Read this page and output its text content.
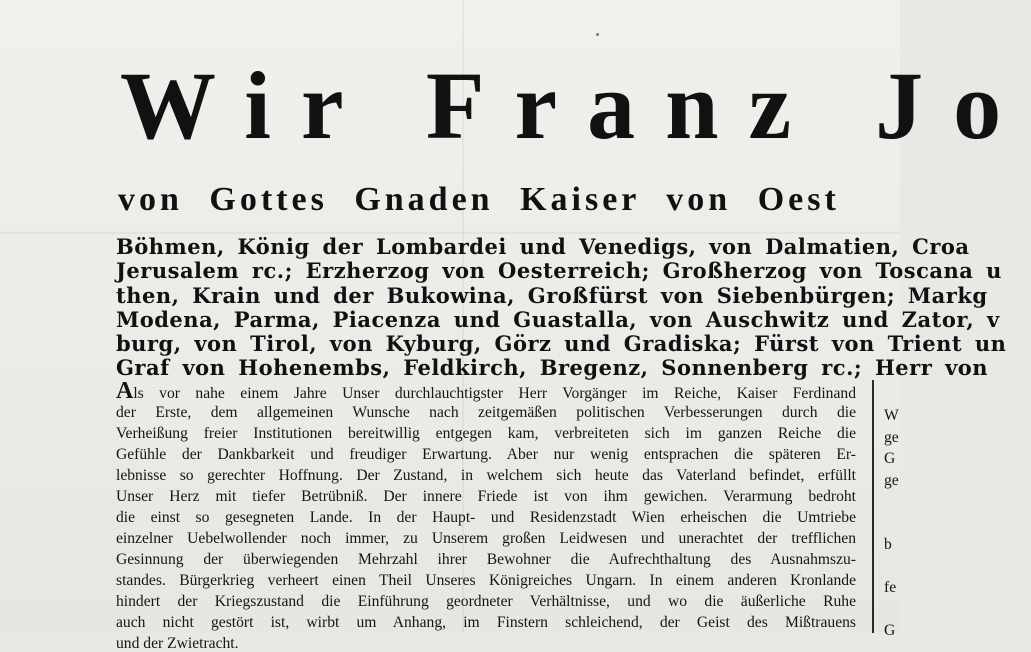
Wir Franz Jo
von Gottes Gnaden Kaiser von Oest
Böhmen, König der Lombardei und Venedigs, von Dalmatien, Croa
Jerusalem rc.; Erzherzog von Oesterreich; Großherzog von Toscana u
then, Krain und der Bukowina, Großfürst von Siebenbürgen; Markg
Modena, Parma, Piacenza und Guastalla, von Auschwitz und Zator, v
burg, von Tirol, von Kyburg, Görz und Gradiska; Fürst von Trient un
Graf von Hohenembs, Feldkirch, Bregenz, Sonnenberg rc.; Herr von
Als vor nahe einem Jahre Unser durchlauchtigster Herr Vorgänger im Reiche, Kaiser Ferdinand
der Erste, dem allgemeinen Wunsche nach zeitgemäßen politischen Verbesserungen durch die
Verheißung freier Institutionen bereitwillig entgegen kam, verbreiteten sich im ganzen Reiche die
Gefühle der Dankbarkeit und freudiger Erwartung. Aber nur wenig entsprachen die späteren Er-
lebnisse so gerechter Hoffnung. Der Zustand, in welchem sich heute das Vaterland befindet, erfüllt
Unser Herz mit tiefer Betrübniß. Der innere Friede ist von ihm gewichen. Verarmung bedroht
die einst so gesegneten Lande. In der Haupt- und Residenzstadt Wien erheischen die Umtriebe
einzelner Uebelwollender noch immer, zu Unserem großen Leidwesen und unerachtet der trefflichen
Gesinnung der überwiegenden Mehrzahl ihrer Bewohner die Aufrechthaltung des Ausnahmszu-
standes. Bürgerkrieg verheert einen Theil Unseres Königreiches Ungarn. In einem anderen Kronlande
hindert der Kriegszustand die Einführung geordneter Verhältnisse, und wo die äußerliche Ruhe
auch nicht gestört ist, wirbt um Anhang, im Finstern schleichend, der Geist des Mißtrauens
und der Zwietracht.
W
ge
G
ge
b
fe
G
